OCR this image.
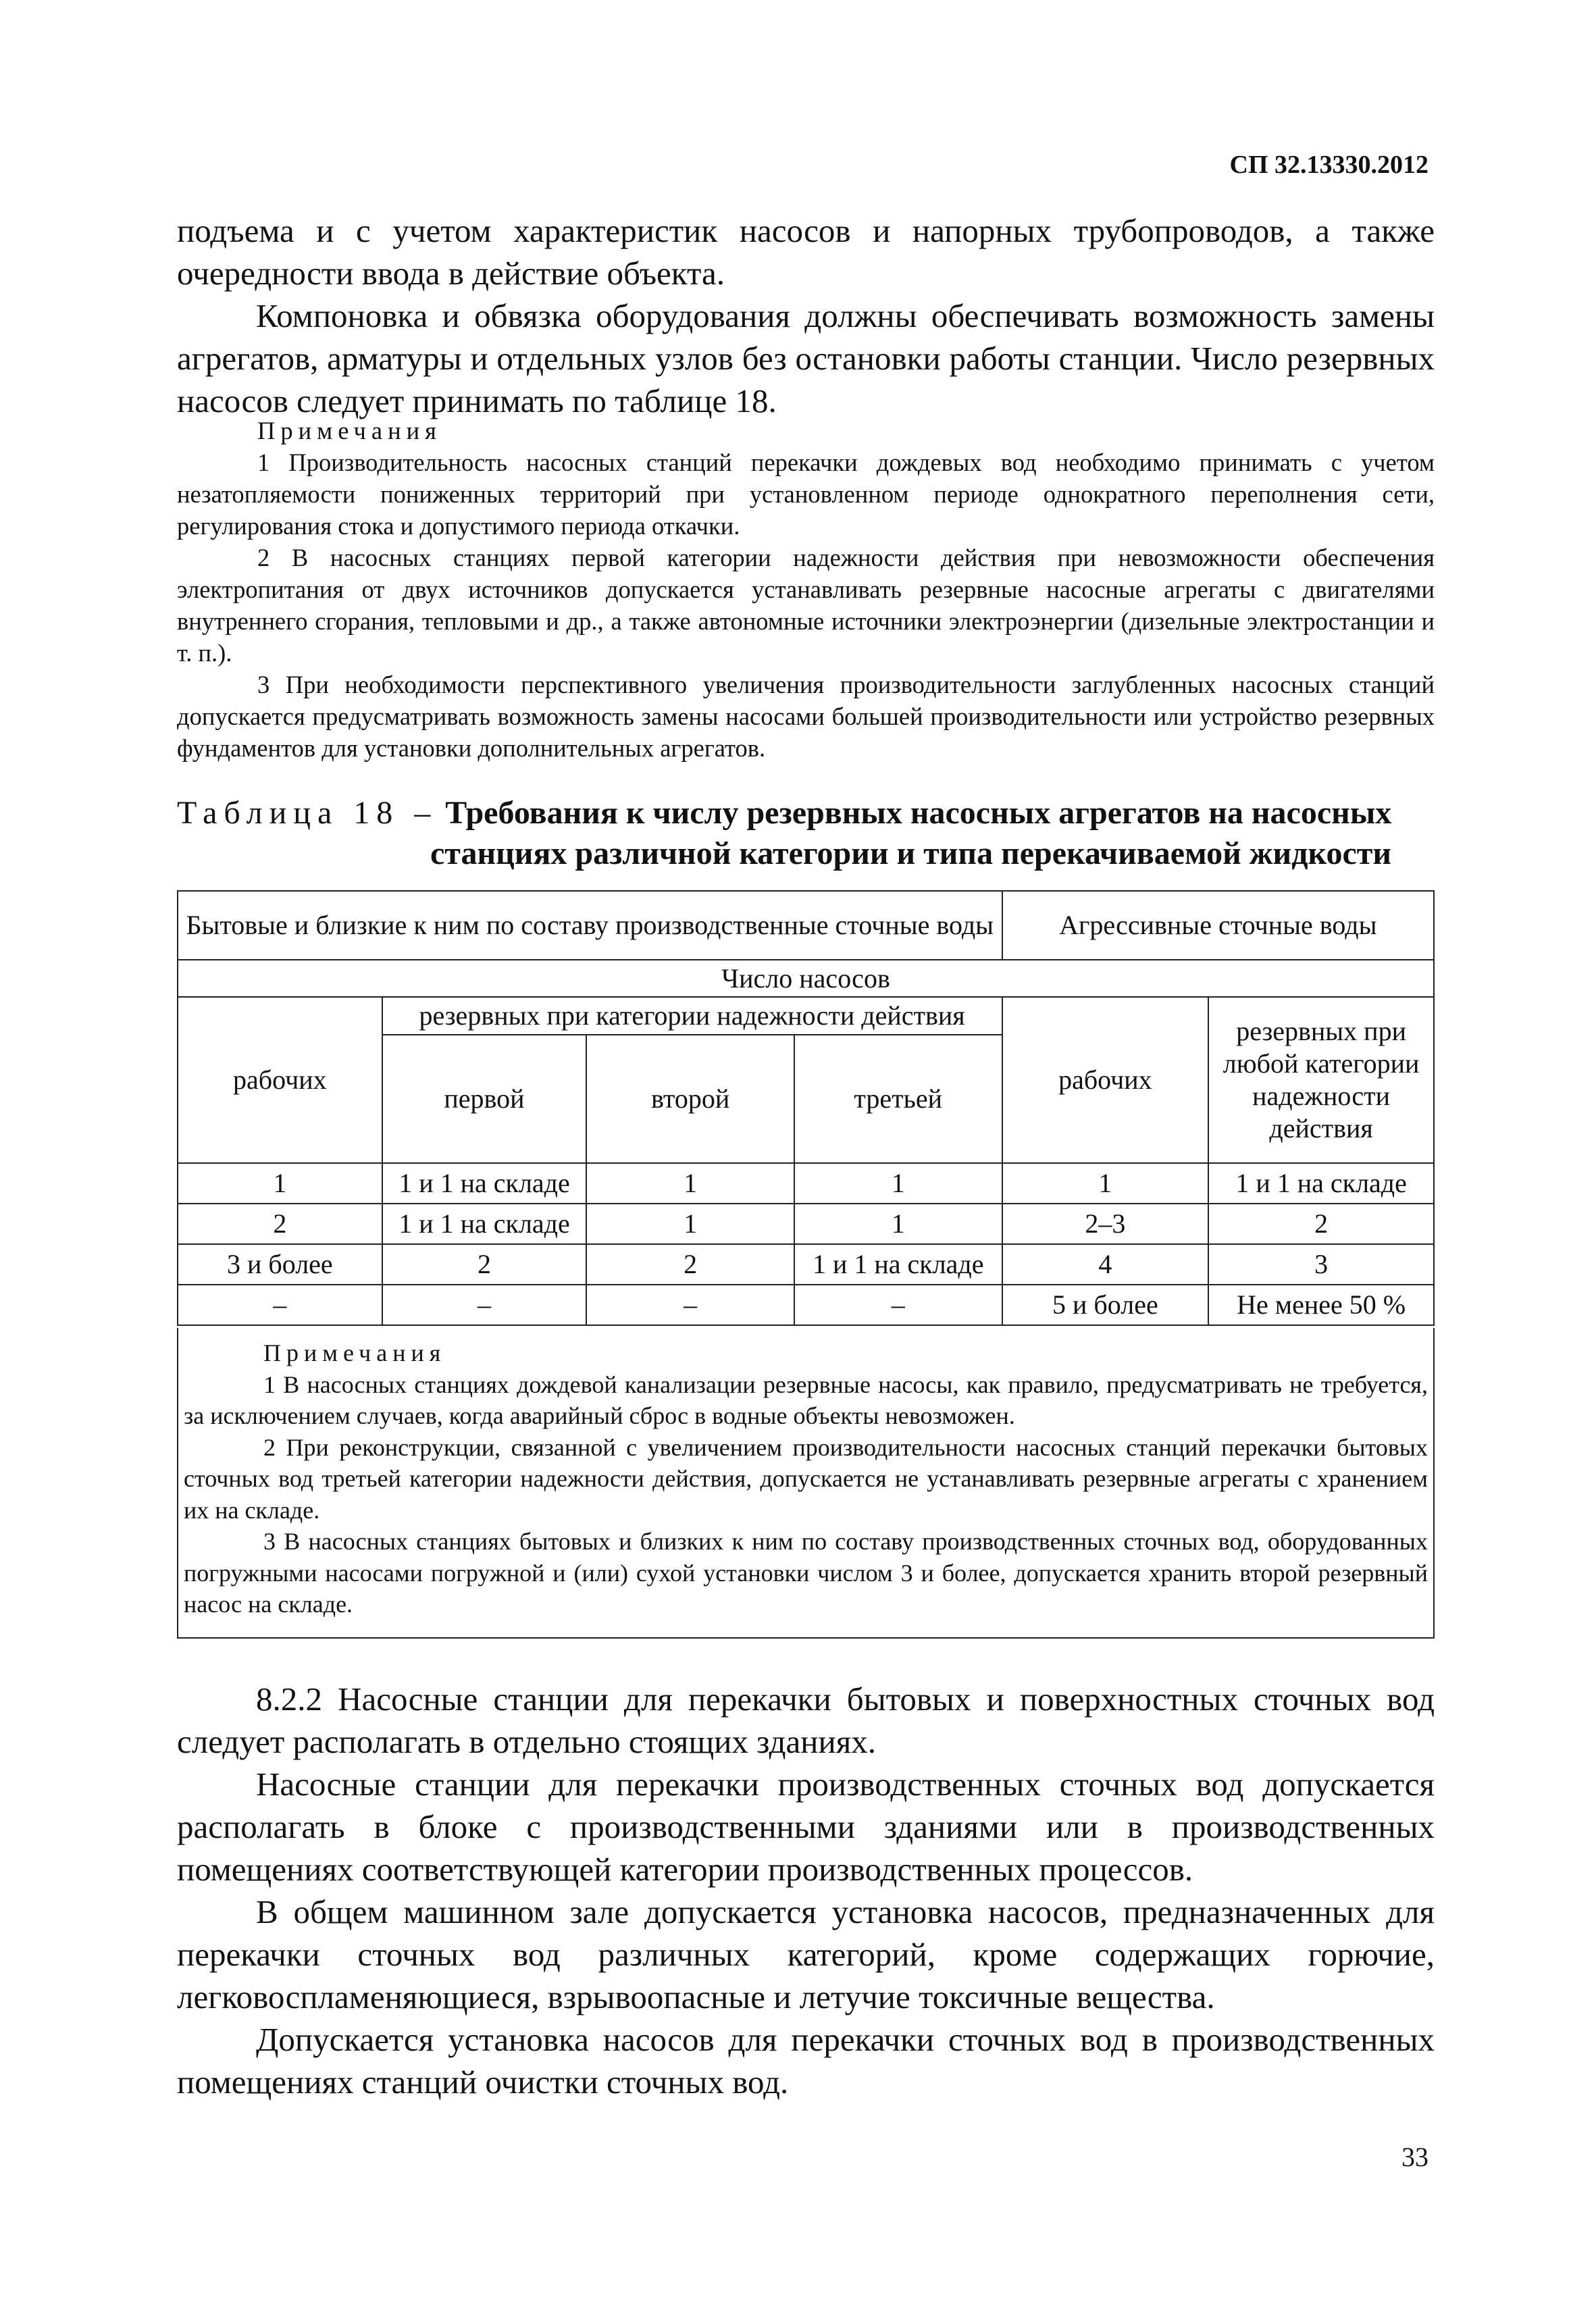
СП 32.13330.2012

подъема и с учетом характеристик насосов и напорных трубопроводов, а также очередности ввода в действие объекта.

Компоновка и обвязка оборудования должны обеспечивать возможность замены агрегатов, арматуры и отдельных узлов без остановки работы станции. Число резервных насосов следует принимать по таблице 18.

Примечания

1 Производительность насосных станций перекачки дождевых вод необходимо принимать с учетом незатопляемости пониженных территорий при установленном периоде однократного переполнения сети, регулирования стока и допустимого периода откачки.

2 В насосных станциях первой категории надежности действия при невозможности обеспечения электропитания от двух источников допускается устанавливать резервные насосные агрегаты с двигателями внутреннего сгорания, тепловыми и др., а также автономные источники электроэнергии (дизельные электростанции и т. п.).

3 При необходимости перспективного увеличения производительности заглубленных насосных станций допускается предусматривать возможность замены насосами большей производительности или устройство резервных фундаментов для установки дополнительных агрегатов.

Таблица 18 – Требования к числу резервных насосных агрегатов на насосных
станциях различной категории и типа перекачиваемой жидкости
Бытовые и близкие к ним по составу производственные сточные воды				Агрессивные сточные воды	
Число насосов					
рабочих	резервных при категории надежности действия			рабочих	резервных при любой категории надежности действия
	первой	второй	третьей		
1	1 и 1 на складе	1	1	1	1 и 1 на складе
2	1 и 1 на складе	1	1	2–3	2
3 и более	2	2	1 и 1 на складе	4	3
–	–	–	–	5 и более	Не менее 50 %

Примечания

1 В насосных станциях дождевой канализации резервные насосы, как правило, предусматривать не требуется, за исключением случаев, когда аварийный сброс в водные объекты невозможен.

2 При реконструкции, связанной с увеличением производительности насосных станций перекачки бытовых сточных вод третьей категории надежности действия, допускается не устанавливать резервные агрегаты с хранением их на складе.

3 В насосных станциях бытовых и близких к ним по составу производственных сточных вод, оборудованных погружными насосами погружной и (или) сухой установки числом 3 и более, допускается хранить второй резервный насос на складе.

8.2.2 Насосные станции для перекачки бытовых и поверхностных сточных вод следует располагать в отдельно стоящих зданиях.

Насосные станции для перекачки производственных сточных вод допускается располагать в блоке с производственными зданиями или в производственных помещениях соответствующей категории производственных процессов.

В общем машинном зале допускается установка насосов, предназначенных для перекачки сточных вод различных категорий, кроме содержащих горючие, легковоспламеняющиеся, взрывоопасные и летучие токсичные вещества.

Допускается установка насосов для перекачки сточных вод в производственных помещениях станций очистки сточных вод.

33
